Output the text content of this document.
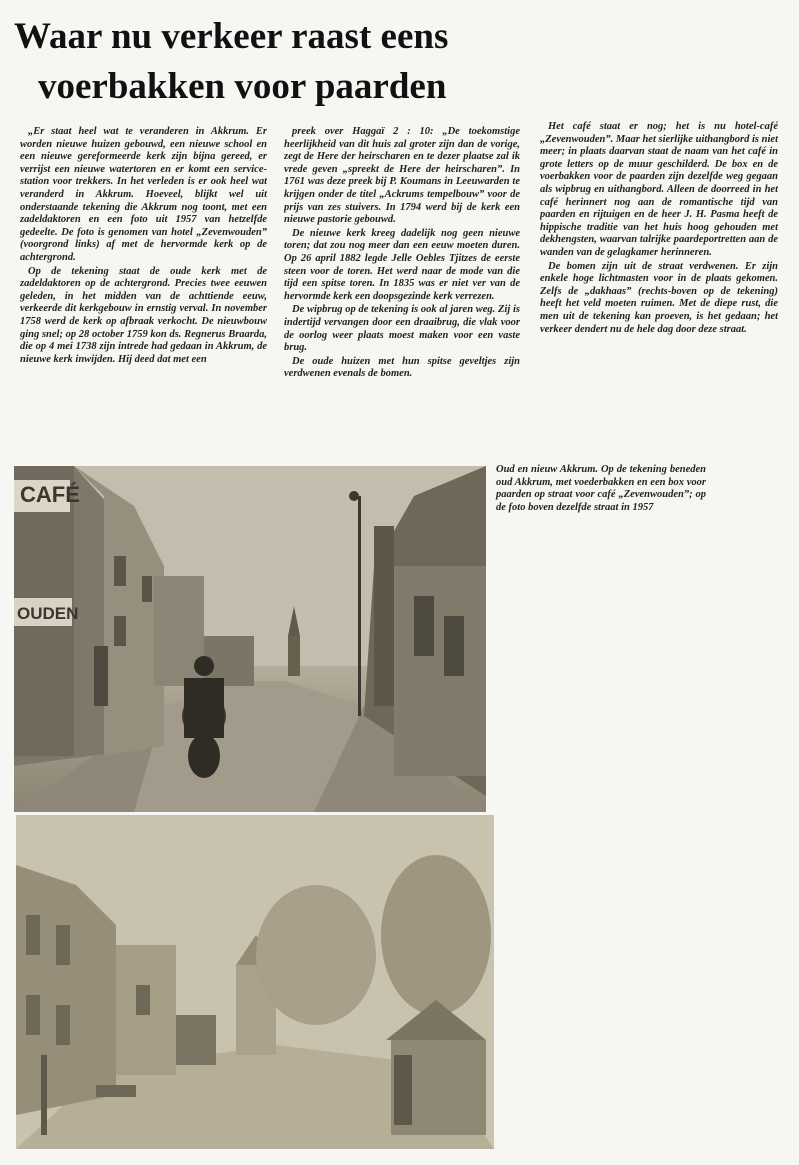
Waar nu verkeer raast eens
voerbakken voor paarden

„Er staat heel wat te veranderen in Akkrum. Er worden nieuwe huizen gebouwd, een nieuwe school en een nieuwe gereformeerde kerk zijn bijna gereed, er verrijst een nieuwe watertoren en er komt een service-station voor trekkers. In het verleden is er ook heel wat veranderd in Akkrum. Hoeveel, blijkt wel uit onderstaande tekening die Akkrum nog toont, met een zadeldaktoren en een foto uit 1957 van hetzelfde gedeelte. De foto is genomen van hotel „Zevenwouden” (voorgrond links) af met de hervormde kerk op de achtergrond.

Op de tekening staat de oude kerk met de zadeldaktoren op de achtergrond. Precies twee eeuwen geleden, in het midden van de achttiende eeuw, verkeerde dit kerkgebouw in ernstig verval. In november 1758 werd de kerk op afbraak verkocht. De nieuwbouw ging snel; op 28 october 1759 kon ds. Regnerus Braarda, die op 4 mei 1738 zijn intrede had gedaan in Akkrum, de nieuwe kerk inwijden. Hij deed dat met een

preek over Haggaï 2 : 10: „De toekomstige heerlijkheid van dit huis zal groter zijn dan de vorige, zegt de Here der heirscharen en te dezer plaatse zal ik vrede geven „spreekt de Here der heirscharen”. In 1761 was deze preek bij P. Koumans in Leeuwarden te krijgen onder de titel „Ackrums tempelbouw” voor de prijs van zes stuivers. In 1794 werd bij de kerk een nieuwe pastorie gebouwd.

De nieuwe kerk kreeg dadelijk nog geen nieuwe toren; dat zou nog meer dan een eeuw moeten duren. Op 26 april 1882 legde Jelle Oebles Tjitzes de eerste steen voor de toren. Het werd naar de mode van die tijd een spitse toren. In 1835 was er niet ver van de hervormde kerk een doopsgezinde kerk verrezen.

De wipbrug op de tekening is ook al jaren weg. Zij is indertijd vervangen door een draaibrug, die vlak voor de oorlog weer plaats moest maken voor een vaste brug.

De oude huizen met hun spitse geveltjes zijn verdwenen evenals de bomen.

Het café staat er nog; het is nu hotel-café „Zevenwouden”. Maar het sierlijke uithangbord is niet meer; in plaats daarvan staat de naam van het café in grote letters op de muur geschilderd. De box en de voerbakken voor de paarden zijn dezelfde weg gegaan als wipbrug en uithangbord. Alleen de doorreed in het café herinnert nog aan de romantische tijd van paarden en rijtuigen en de heer J. H. Pasma heeft de hippische traditie van het huis hoog gehouden met dekhengsten, waarvan talrijke paardeportretten aan de wanden van de gelagkamer herinneren.

De bomen zijn uit de straat verdwenen. Er zijn enkele hoge lichtmasten voor in de plaats gekomen. Zelfs de „dakhaas” (rechts-boven op de tekening) heeft het veld moeten ruimen. Met de diepe rust, die men uit de tekening kan proeven, is het gedaan; het verkeer dendert nu de hele dag door deze straat.

Oud en nieuw Akkrum. Op de tekening beneden oud Akkrum, met voederbakken en een box voor paarden op straat voor café „Zevenwouden”; op de foto boven dezelfde straat in 1957
CAFÉ
OUDEN
